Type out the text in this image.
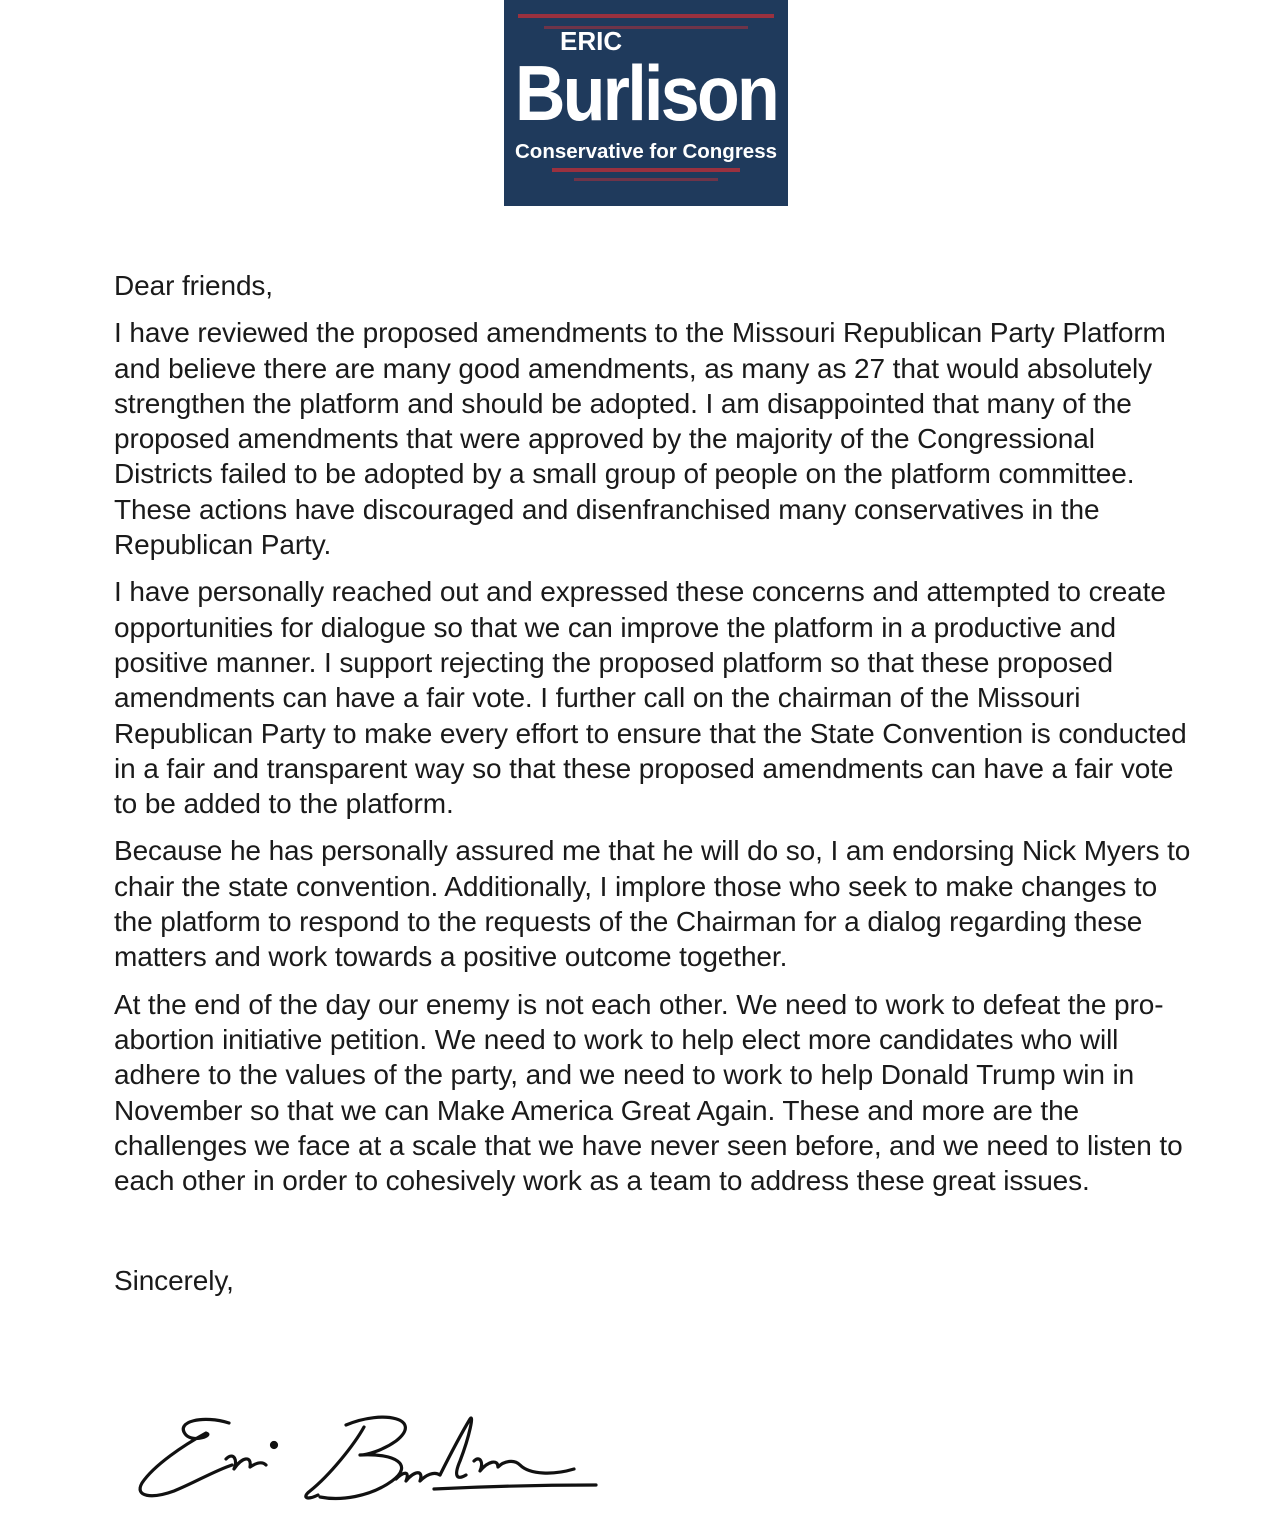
ERIC
Burlison
Conservative for Congress

Dear friends,

I have reviewed the proposed amendments to the Missouri Republican Party Platform and believe there are many good amendments, as many as 27 that would absolutely strengthen the platform and should be adopted. I am disappointed that many of the proposed amendments that were approved by the majority of the Congressional Districts failed to be adopted by a small group of people on the platform committee. These actions have discouraged and disenfranchised many conservatives in the Republican Party.

I have personally reached out and expressed these concerns and attempted to create opportunities for dialogue so that we can improve the platform in a productive and positive manner. I support rejecting the proposed platform so that these proposed amendments can have a fair vote. I further call on the chairman of the Missouri Republican Party to make every effort to ensure that the State Convention is conducted in a fair and transparent way so that these proposed amendments can have a fair vote to be added to the platform.

Because he has personally assured me that he will do so, I am endorsing Nick Myers to chair the state convention. Additionally, I implore those who seek to make changes to the platform to respond to the requests of the Chairman for a dialog regarding these matters and work towards a positive outcome together.

At the end of the day our enemy is not each other. We need to work to defeat the pro-abortion initiative petition. We need to work to help elect more candidates who will adhere to the values of the party, and we need to work to help Donald Trump win in November so that we can Make America Great Again. These and more are the challenges we face at a scale that we have never seen before, and we need to listen to each other in order to cohesively work as a team to address these great issues.

Sincerely,
